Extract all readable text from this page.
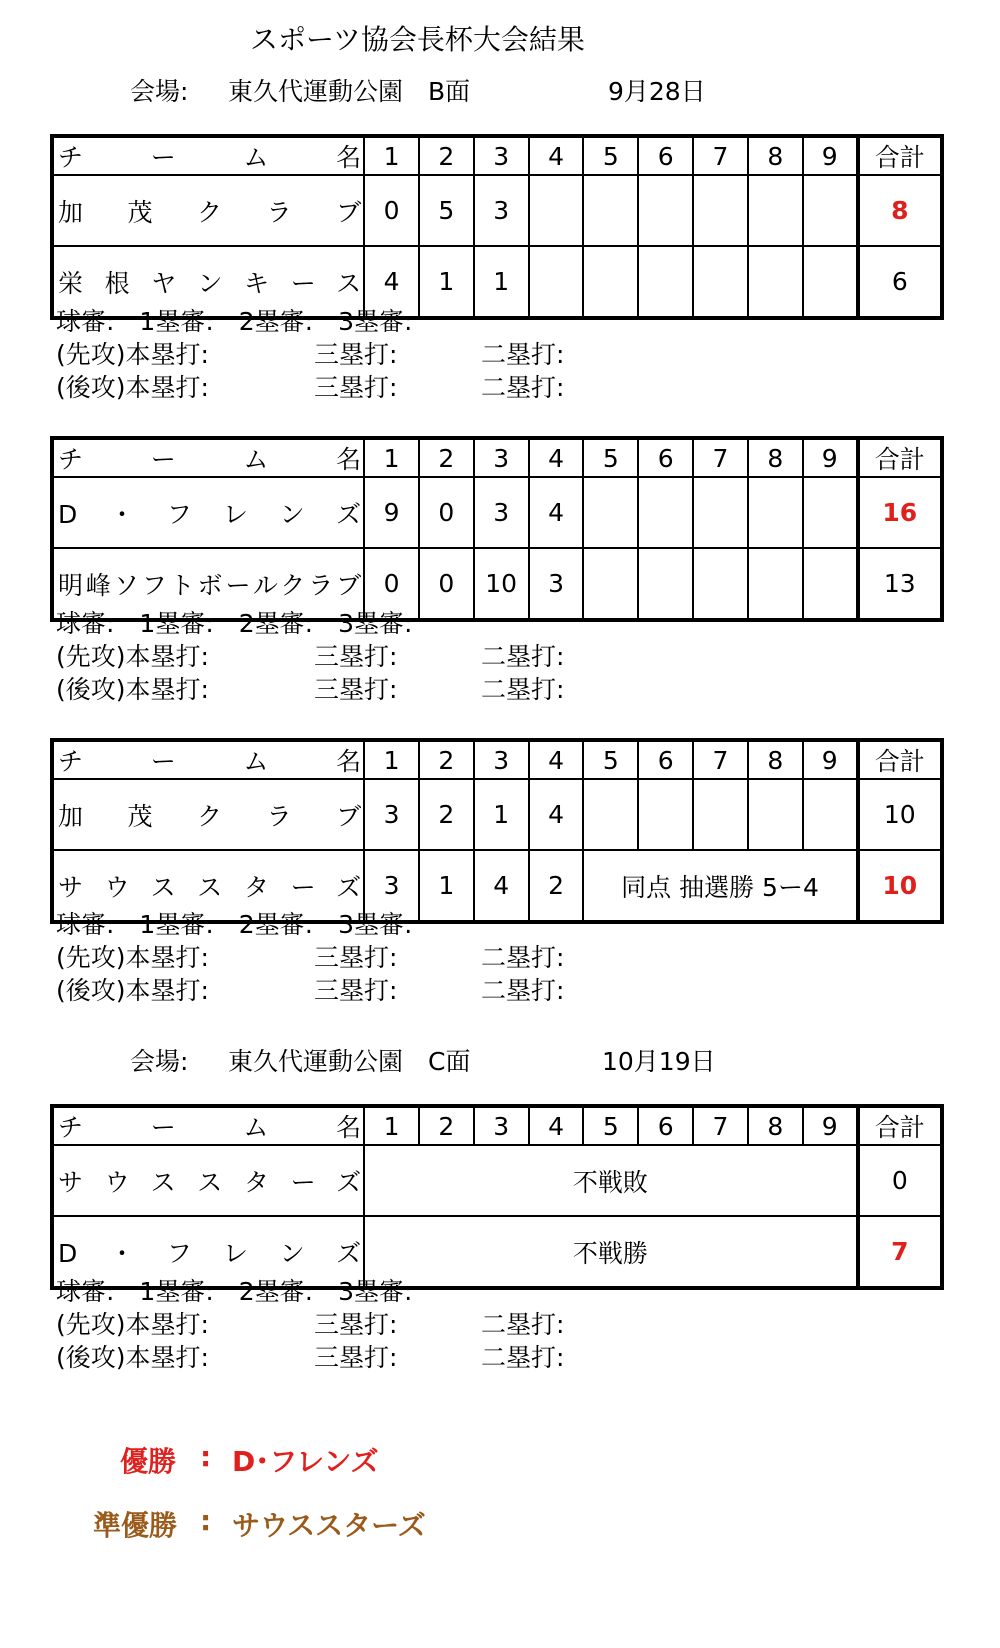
スポーツ協会長杯大会結果
会場: 東久代運動公園　B面	9月28日
チ　　ー　　ム　　名	1	2	3	4	5	6	7	8	9	合計

加　茂　ク　ラ　ブ	0	5	3							8

栄根ヤンキース	4	1	1							6
球審:　1塁審:　2塁審:　3塁審:
(先攻)本塁打:	三塁打:	二塁打:
(後攻)本塁打:	三塁打:	二塁打:
チ　　ー　　ム　　名	1	2	3	4	5	6	7	8	9	合計

D・フレンズ	9	0	3	4						16

明峰ソフトボールクラブ	0	0	10	3						13
球審:　1塁審:　2塁審:　3塁審:
(先攻)本塁打:	三塁打:	二塁打:
(後攻)本塁打:	三塁打:	二塁打:
チ　　ー　　ム　　名	1	2	3	4	5	6	7	8	9	合計

加　茂　ク　ラ　ブ	3	2	1	4						10

サウススターズ	3	1	4	2	同点 抽選勝 5ー4					10
球審:　1塁審:　2塁審:　3塁審:
(先攻)本塁打:	三塁打:	二塁打:
(後攻)本塁打:	三塁打:	二塁打:
チ　　ー　　ム　　名	1	2	3	4	5	6	7	8	9	合計

サウススターズ	不戦敗									0

D・フレンズ	不戦勝									7
球審:　1塁審:　2塁審:　3塁審:
(先攻)本塁打:	三塁打:	二塁打:
(後攻)本塁打:	三塁打:	二塁打:
会場: 東久代運動公園　C面	10月19日
優勝 : D･フレンズ
準優勝 : サウススターズ
